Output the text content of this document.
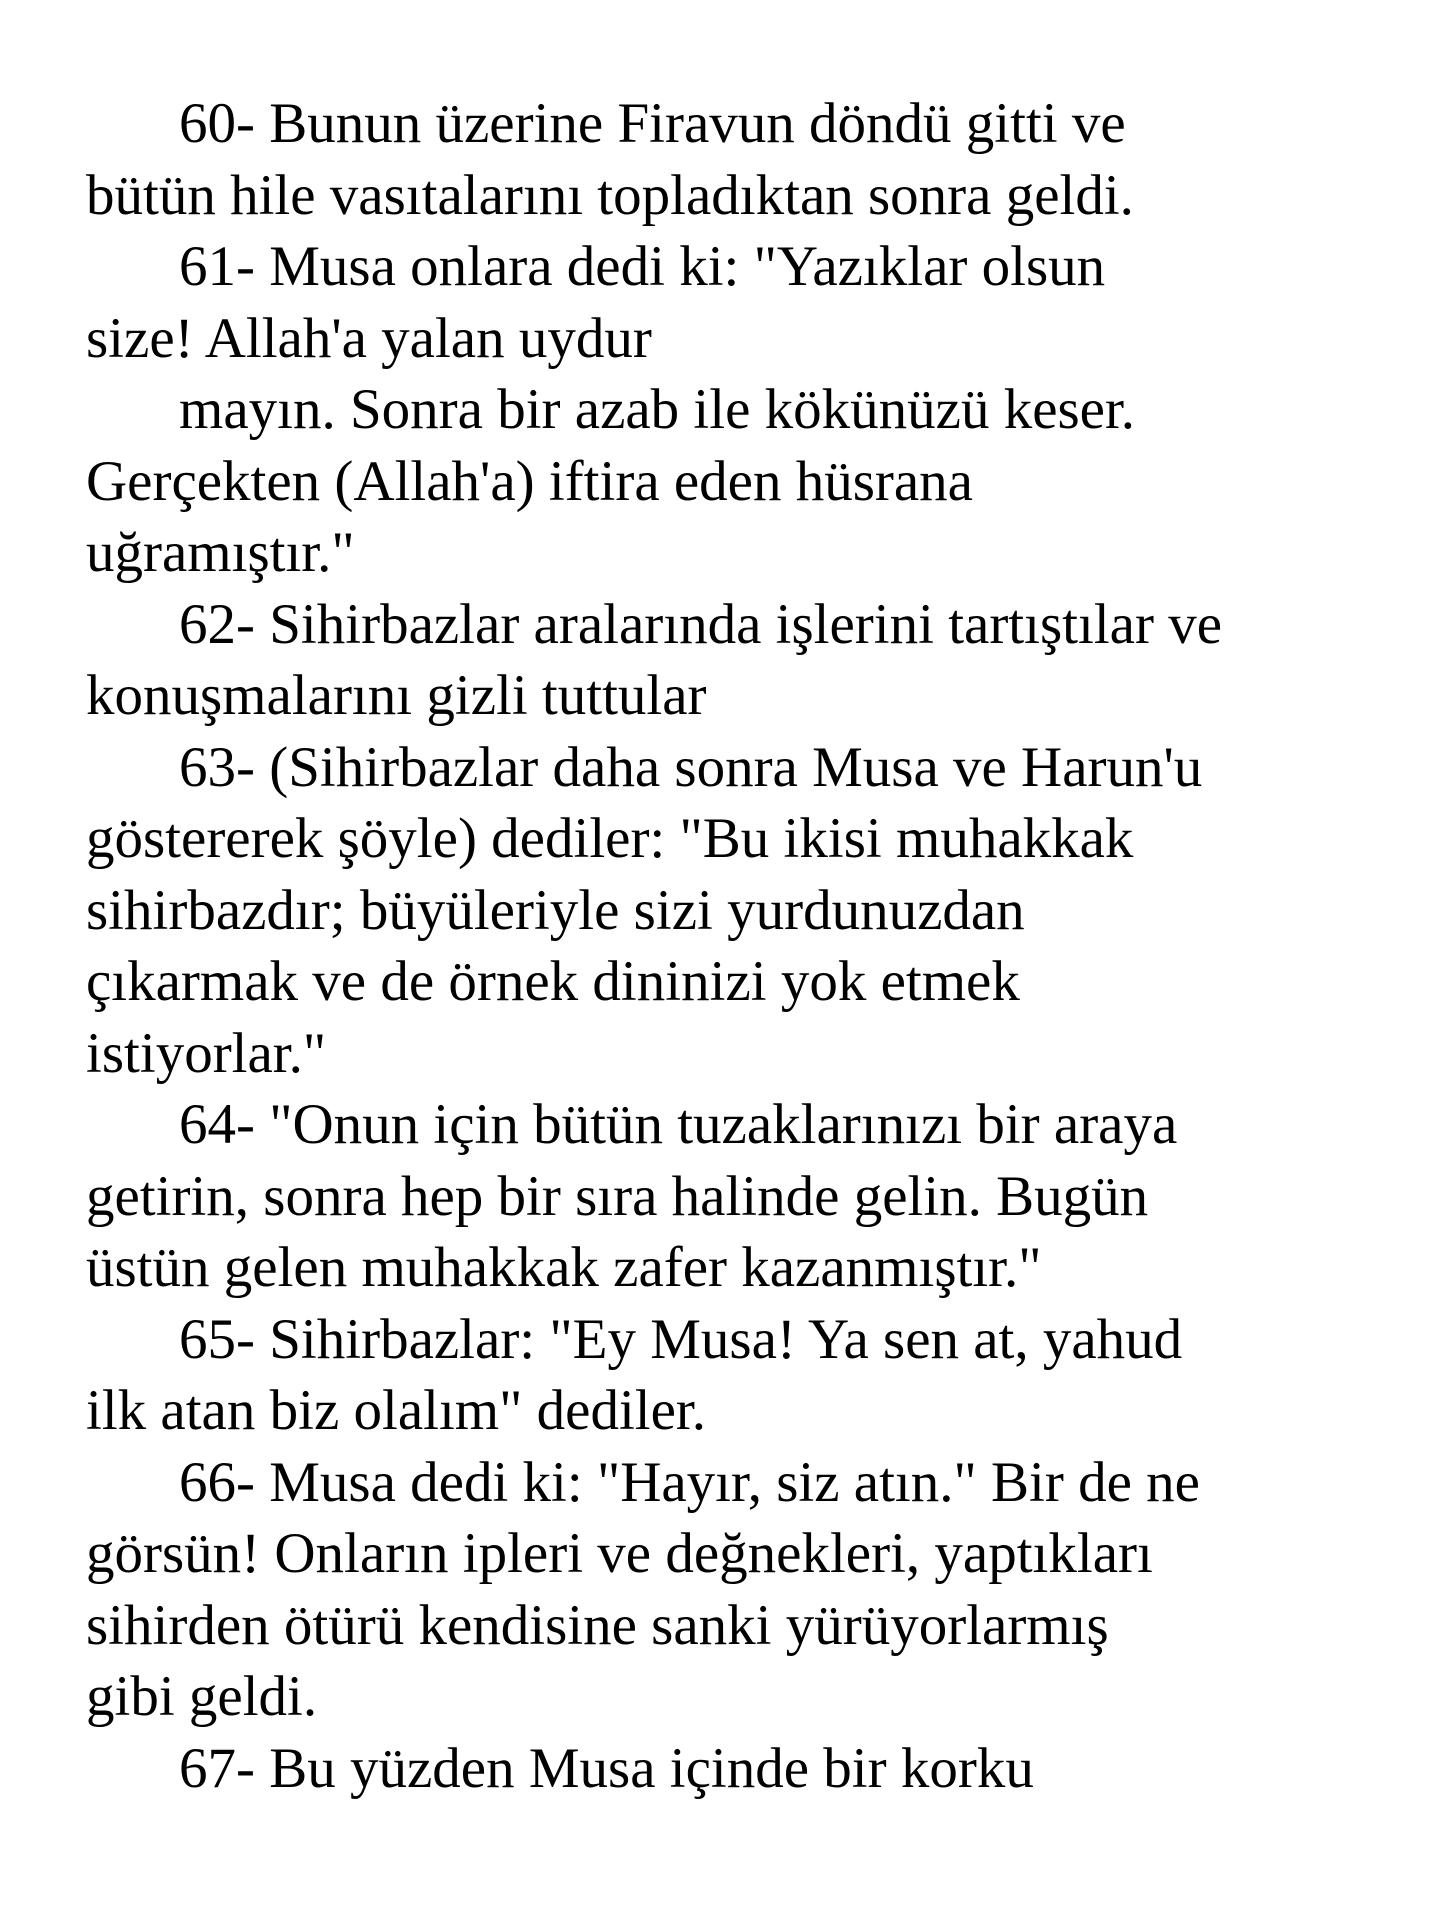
60- Bunun üzerine Firavun döndü gitti ve
bütün hile vasıtalarını topladıktan sonra geldi.
61- Musa onlara dedi ki: "Yazıklar olsun
size! Allah'a yalan uydur
mayın. Sonra bir azab ile kökünüzü keser.
Gerçekten (Allah'a) iftira eden hüsrana
uğramıştır."
62- Sihirbazlar aralarında işlerini tartıştılar ve
konuşmalarını gizli tuttular
63- (Sihirbazlar daha sonra Musa ve Harun'u
göstererek şöyle) dediler: "Bu ikisi muhakkak
sihirbazdır; büyüleriyle sizi yurdunuzdan
çıkarmak ve de örnek dininizi yok etmek
istiyorlar."
64- "Onun için bütün tuzaklarınızı bir araya
getirin, sonra hep bir sıra halinde gelin. Bugün
üstün gelen muhakkak zafer kazanmıştır."
65- Sihirbazlar: "Ey Musa! Ya sen at, yahud
ilk atan biz olalım" dediler.
66- Musa dedi ki: "Hayır, siz atın." Bir de ne
görsün! Onların ipleri ve değnekleri, yaptıkları
sihirden ötürü kendisine sanki yürüyorlarmış
gibi geldi.
67- Bu yüzden Musa içinde bir korku
